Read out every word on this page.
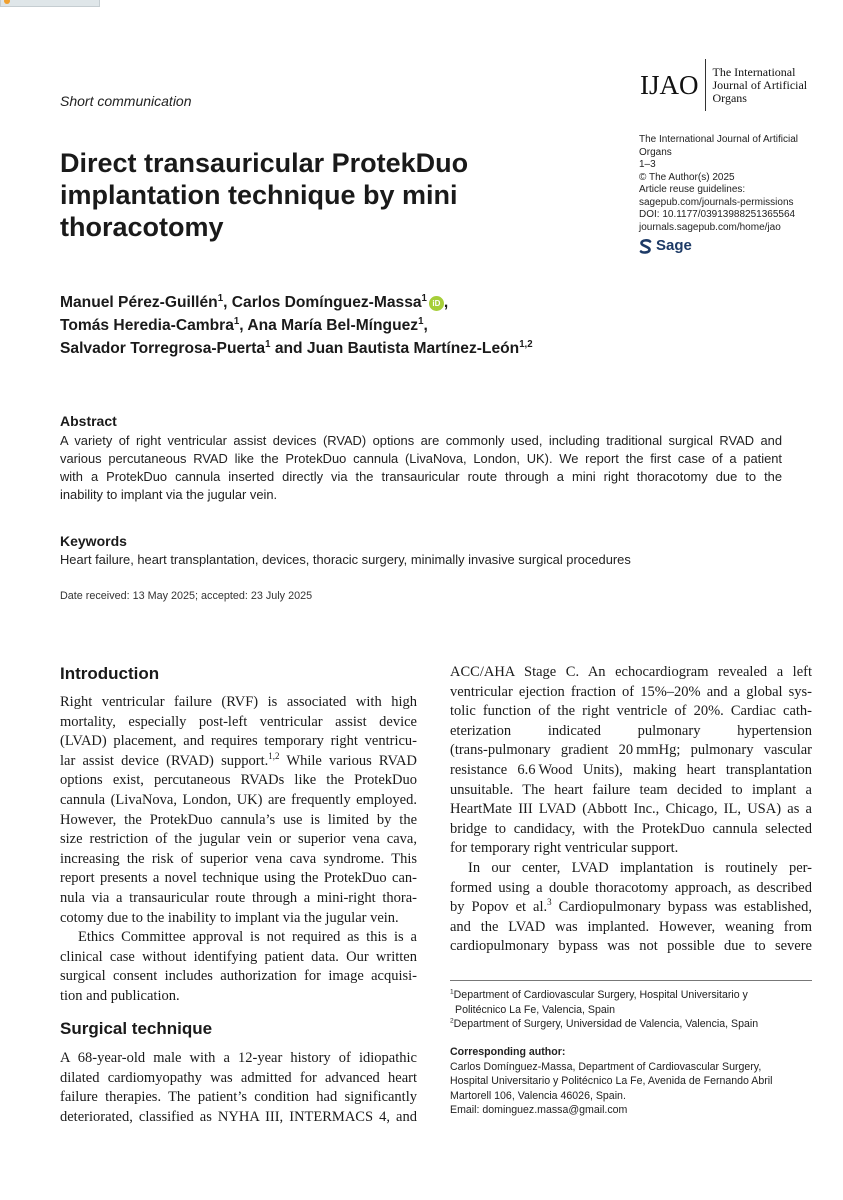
Short communication
Direct transauricular ProtekDuo
implantation technique by mini
thoracotomy
IJAO The International
Journal of Artificial
Organs
The International Journal of Artificial
Organs
1–3
© The Author(s) 2025
Article reuse guidelines:
sagepub.com/journals-permissions
DOI: 10.1177/03913988251365564
journals.sagepub.com/home/jao
Sage
Manuel Pérez-Guillén$^1$, Carlos Domínguez-Massa$^1$ iD ,
Tomás Heredia-Cambra$^1$, Ana María Bel-Mínguez$^1$,
Salvador Torregrosa-Puerta$^1$ and Juan Bautista Martínez-León$^{1,2}$
Abstract
A variety of right ventricular assist devices (RVAD) options are commonly used, including traditional surgical RVAD and
various percutaneous RVAD like the ProtekDuo cannula (LivaNova, London, UK). We report the first case of a patient
with a ProtekDuo cannula inserted directly via the transauricular route through a mini right thoracotomy due to the
inability to implant via the jugular vein.
Keywords
Heart failure, heart transplantation, devices, thoracic surgery, minimally invasive surgical procedures
Date received: 13 May 2025; accepted: 23 July 2025
Introduction
Right ventricular failure (RVF) is associated with high
mortality, especially post-left ventricular assist device
(LVAD) placement, and requires temporary right ventricu-
lar assist device (RVAD) support.$^{1,2}$ While various RVAD
options exist, percutaneous RVADs like the ProtekDuo
cannula (LivaNova, London, UK) are frequently employed.
However, the ProtekDuo cannula’s use is limited by the
size restriction of the jugular vein or superior vena cava,
increasing the risk of superior vena cava syndrome. This
report presents a novel technique using the ProtekDuo can-
nula via a transauricular route through a mini-right thora-
cotomy due to the inability to implant via the jugular vein.
Ethics Committee approval is not required as this is a
clinical case without identifying patient data. Our written
surgical consent includes authorization for image acquisi-
tion and publication.
Surgical technique
A 68-year-old male with a 12-year history of idiopathic
dilated cardiomyopathy was admitted for advanced heart
failure therapies. The patient’s condition had significantly
deteriorated, classified as NYHA III, INTERMACS 4, and
ACC/AHA Stage C. An echocardiogram revealed a left
ventricular ejection fraction of 15%–20% and a global sys-
tolic function of the right ventricle of 20%. Cardiac cath-
eterization indicated pulmonary hypertension
(trans-pulmonary gradient 20 mmHg; pulmonary vascular
resistance 6.6 Wood Units), making heart transplantation
unsuitable. The heart failure team decided to implant a
HeartMate III LVAD (Abbott Inc., Chicago, IL, USA) as a
bridge to candidacy, with the ProtekDuo cannula selected
for temporary right ventricular support.
In our center, LVAD implantation is routinely per-
formed using a double thoracotomy approach, as described
by Popov et al.$^3$ Cardiopulmonary bypass was established,
and the LVAD was implanted. However, weaning from
cardiopulmonary bypass was not possible due to severe
$^1$Department of Cardiovascular Surgery, Hospital Universitario y
Politécnico La Fe, Valencia, Spain
$^2$Department of Surgery, Universidad de Valencia, Valencia, Spain
Corresponding author:
Carlos Domínguez-Massa, Department of Cardiovascular Surgery,
Hospital Universitario y Politécnico La Fe, Avenida de Fernando Abril
Martorell 106, Valencia 46026, Spain.
Email: dominguez.massa@gmail.com
